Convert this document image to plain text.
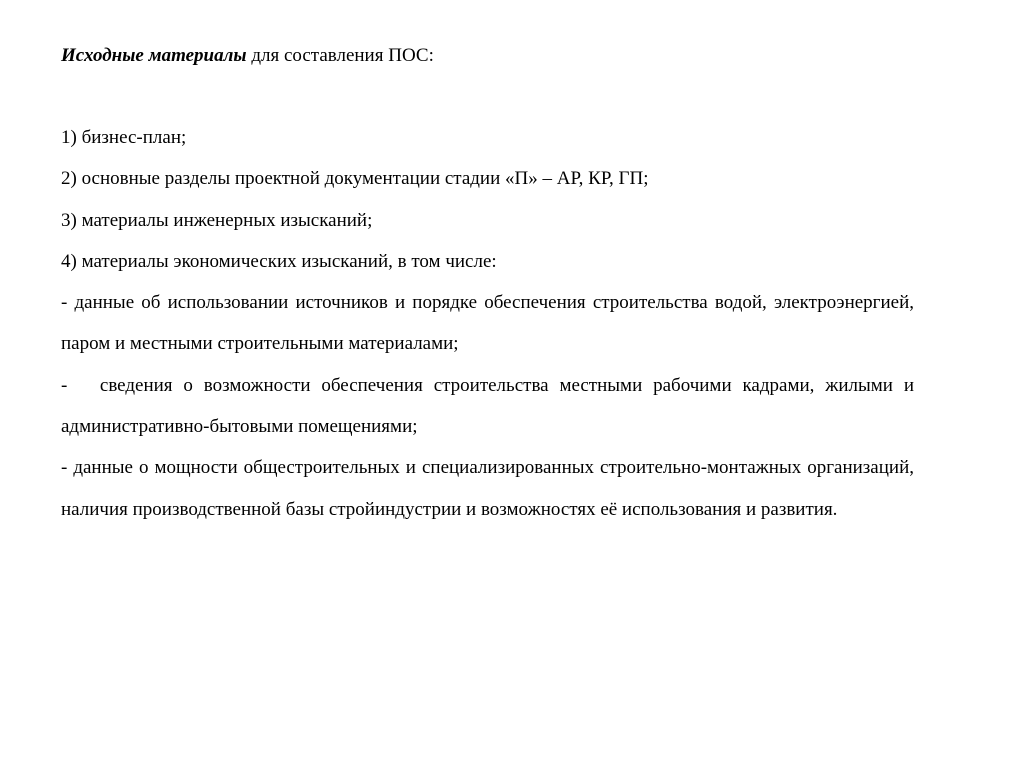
Исходные материалы для составления ПОС:

1) бизнес-план;

2) основные разделы проектной документации стадии «П» – АР, КР, ГП;

3) материалы инженерных изысканий;

4) материалы экономических изысканий, в том числе:

- данные об использовании источников и порядке обеспечения строительства водой, электроэнергией, паром и местными строительными материалами;

-   сведения о возможности обеспечения строительства местными рабочими кадрами, жилыми и административно-бытовыми помещениями;

- данные о мощности общестроительных и специализированных строительно-монтажных организаций, наличия производственной базы стройиндустрии и возможностях её использования и развития.
